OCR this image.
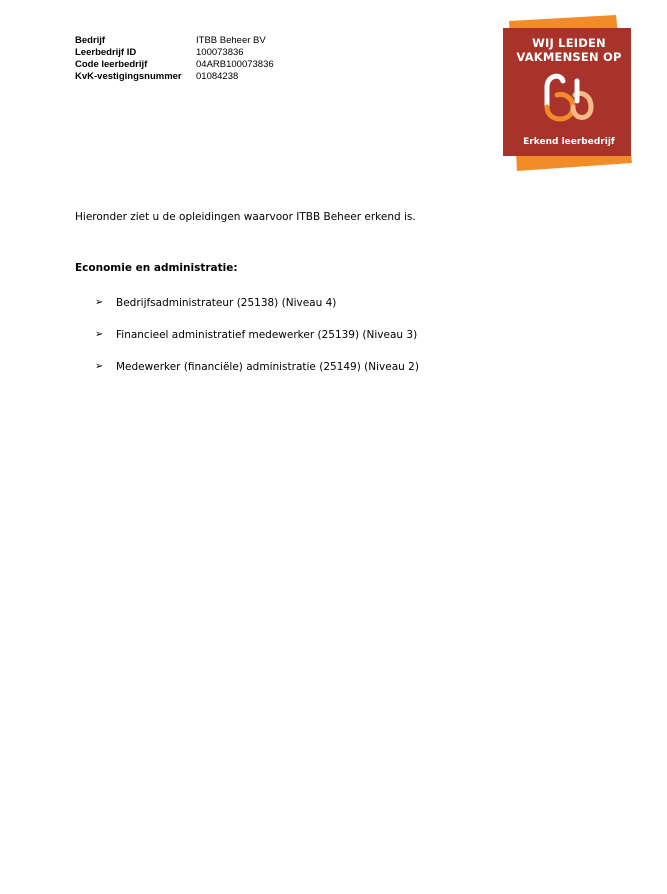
Bedrijf	ITBB Beheer BV
Leerbedrijf ID	100073836
Code leerbedrijf	04ARB100073836
KvK-vestigingsnummer	01084238
WIJ LEIDEN
VAKMENSEN OP
Erkend leerbedrijf
Hieronder ziet u de opleidingen waarvoor ITBB Beheer erkend is.
Economie en administratie:
➢	Bedrijfsadministrateur (25138) (Niveau 4)
➢	Financieel administratief medewerker (25139) (Niveau 3)
➢	Medewerker (financiële) administratie (25149) (Niveau 2)
